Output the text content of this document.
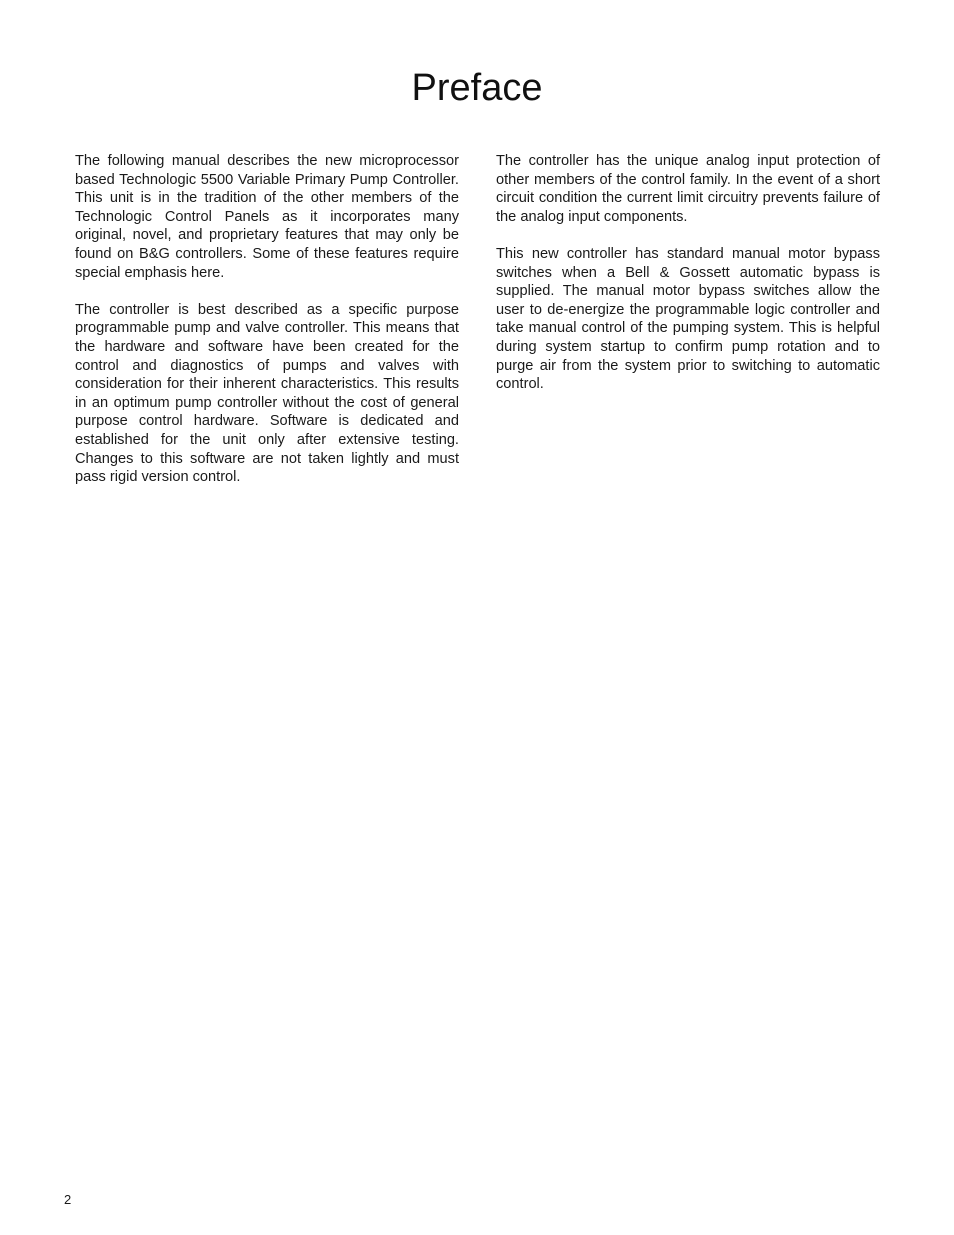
Preface

The following manual describes the new microprocessor based Technologic 5500 Variable Primary Pump Controller. This unit is in the tradition of the other members of the Technologic Control Panels as it incorporates many original, novel, and proprietary features that may only be found on B&G controllers. Some of these features require special emphasis here.

The controller is best described as a specific purpose programmable pump and valve controller. This means that the hardware and software have been created for the control and diagnostics of pumps and valves with consideration for their inherent characteristics. This results in an optimum pump controller without the cost of general purpose control hardware. Software is dedicated and established for the unit only after extensive testing. Changes to this software are not taken lightly and must pass rigid version control.

The controller has the unique analog input protection of other members of the control family. In the event of a short circuit condition the current limit circuitry prevents failure of the analog input components.

This new controller has standard manual motor bypass switches when a Bell & Gossett automatic bypass is supplied. The manual motor bypass switches allow the user to de-energize the programmable logic controller and take manual control of the pumping system. This is helpful during system startup to confirm pump rotation and to purge air from the system prior to switching to automatic control.

2
